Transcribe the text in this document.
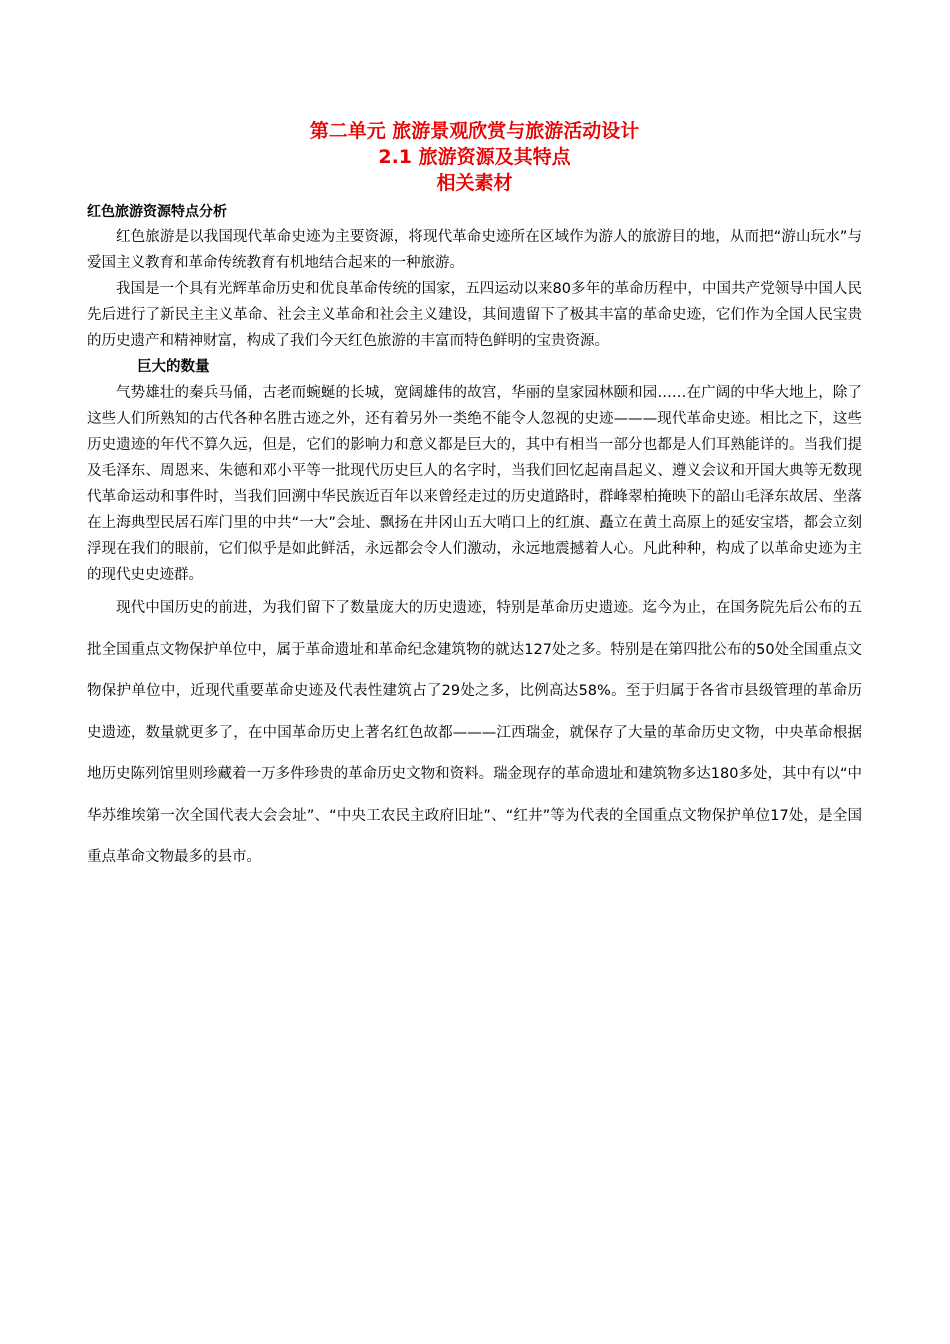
第二单元 旅游景观欣赏与旅游活动设计
2.1 旅游资源及其特点
相关素材

红色旅游资源特点分析

红色旅游是以我国现代革命史迹为主要资源，将现代革命史迹所在区域作为游人的旅游目的地，从而把“游山玩水”与爱国主义教育和革命传统教育有机地结合起来的一种旅游。

我国是一个具有光辉革命历史和优良革命传统的国家，五四运动以来80多年的革命历程中，中国共产党领导中国人民先后进行了新民主主义革命、社会主义革命和社会主义建设，其间遗留下了极其丰富的革命史迹，它们作为全国人民宝贵的历史遗产和精神财富，构成了我们今天红色旅游的丰富而特色鲜明的宝贵资源。

巨大的数量

气势雄壮的秦兵马俑，古老而蜿蜒的长城，宽阔雄伟的故宫，华丽的皇家园林颐和园……在广阔的中华大地上，除了这些人们所熟知的古代各种名胜古迹之外，还有着另外一类绝不能令人忽视的史迹———现代革命史迹。相比之下，这些历史遗迹的年代不算久远，但是，它们的影响力和意义都是巨大的，其中有相当一部分也都是人们耳熟能详的。当我们提及毛泽东、周恩来、朱德和邓小平等一批现代历史巨人的名字时，当我们回忆起南昌起义、遵义会议和开国大典等无数现代革命运动和事件时，当我们回溯中华民族近百年以来曾经走过的历史道路时，群峰翠柏掩映下的韶山毛泽东故居、坐落在上海典型民居石库门里的中共“一大”会址、飘扬在井冈山五大哨口上的红旗、矗立在黄土高原上的延安宝塔，都会立刻浮现在我们的眼前，它们似乎是如此鲜活，永远都会令人们激动，永远地震撼着人心。凡此种种，构成了以革命史迹为主的现代史史迹群。

现代中国历史的前进，为我们留下了数量庞大的历史遗迹，特别是革命历史遗迹。迄今为止，在国务院先后公布的五批全国重点文物保护单位中，属于革命遗址和革命纪念建筑物的就达127处之多。特别是在第四批公布的50处全国重点文物保护单位中，近现代重要革命史迹及代表性建筑占了29处之多，比例高达58%。至于归属于各省市县级管理的革命历史遗迹，数量就更多了，在中国革命历史上著名红色故都———江西瑞金，就保存了大量的革命历史文物，中央革命根据地历史陈列馆里则珍藏着一万多件珍贵的革命历史文物和资料。瑞金现存的革命遗址和建筑物多达180多处，其中有以“中华苏维埃第一次全国代表大会会址”、“中央工农民主政府旧址”、“红井”等为代表的全国重点文物保护单位17处，是全国重点革命文物最多的县市。
